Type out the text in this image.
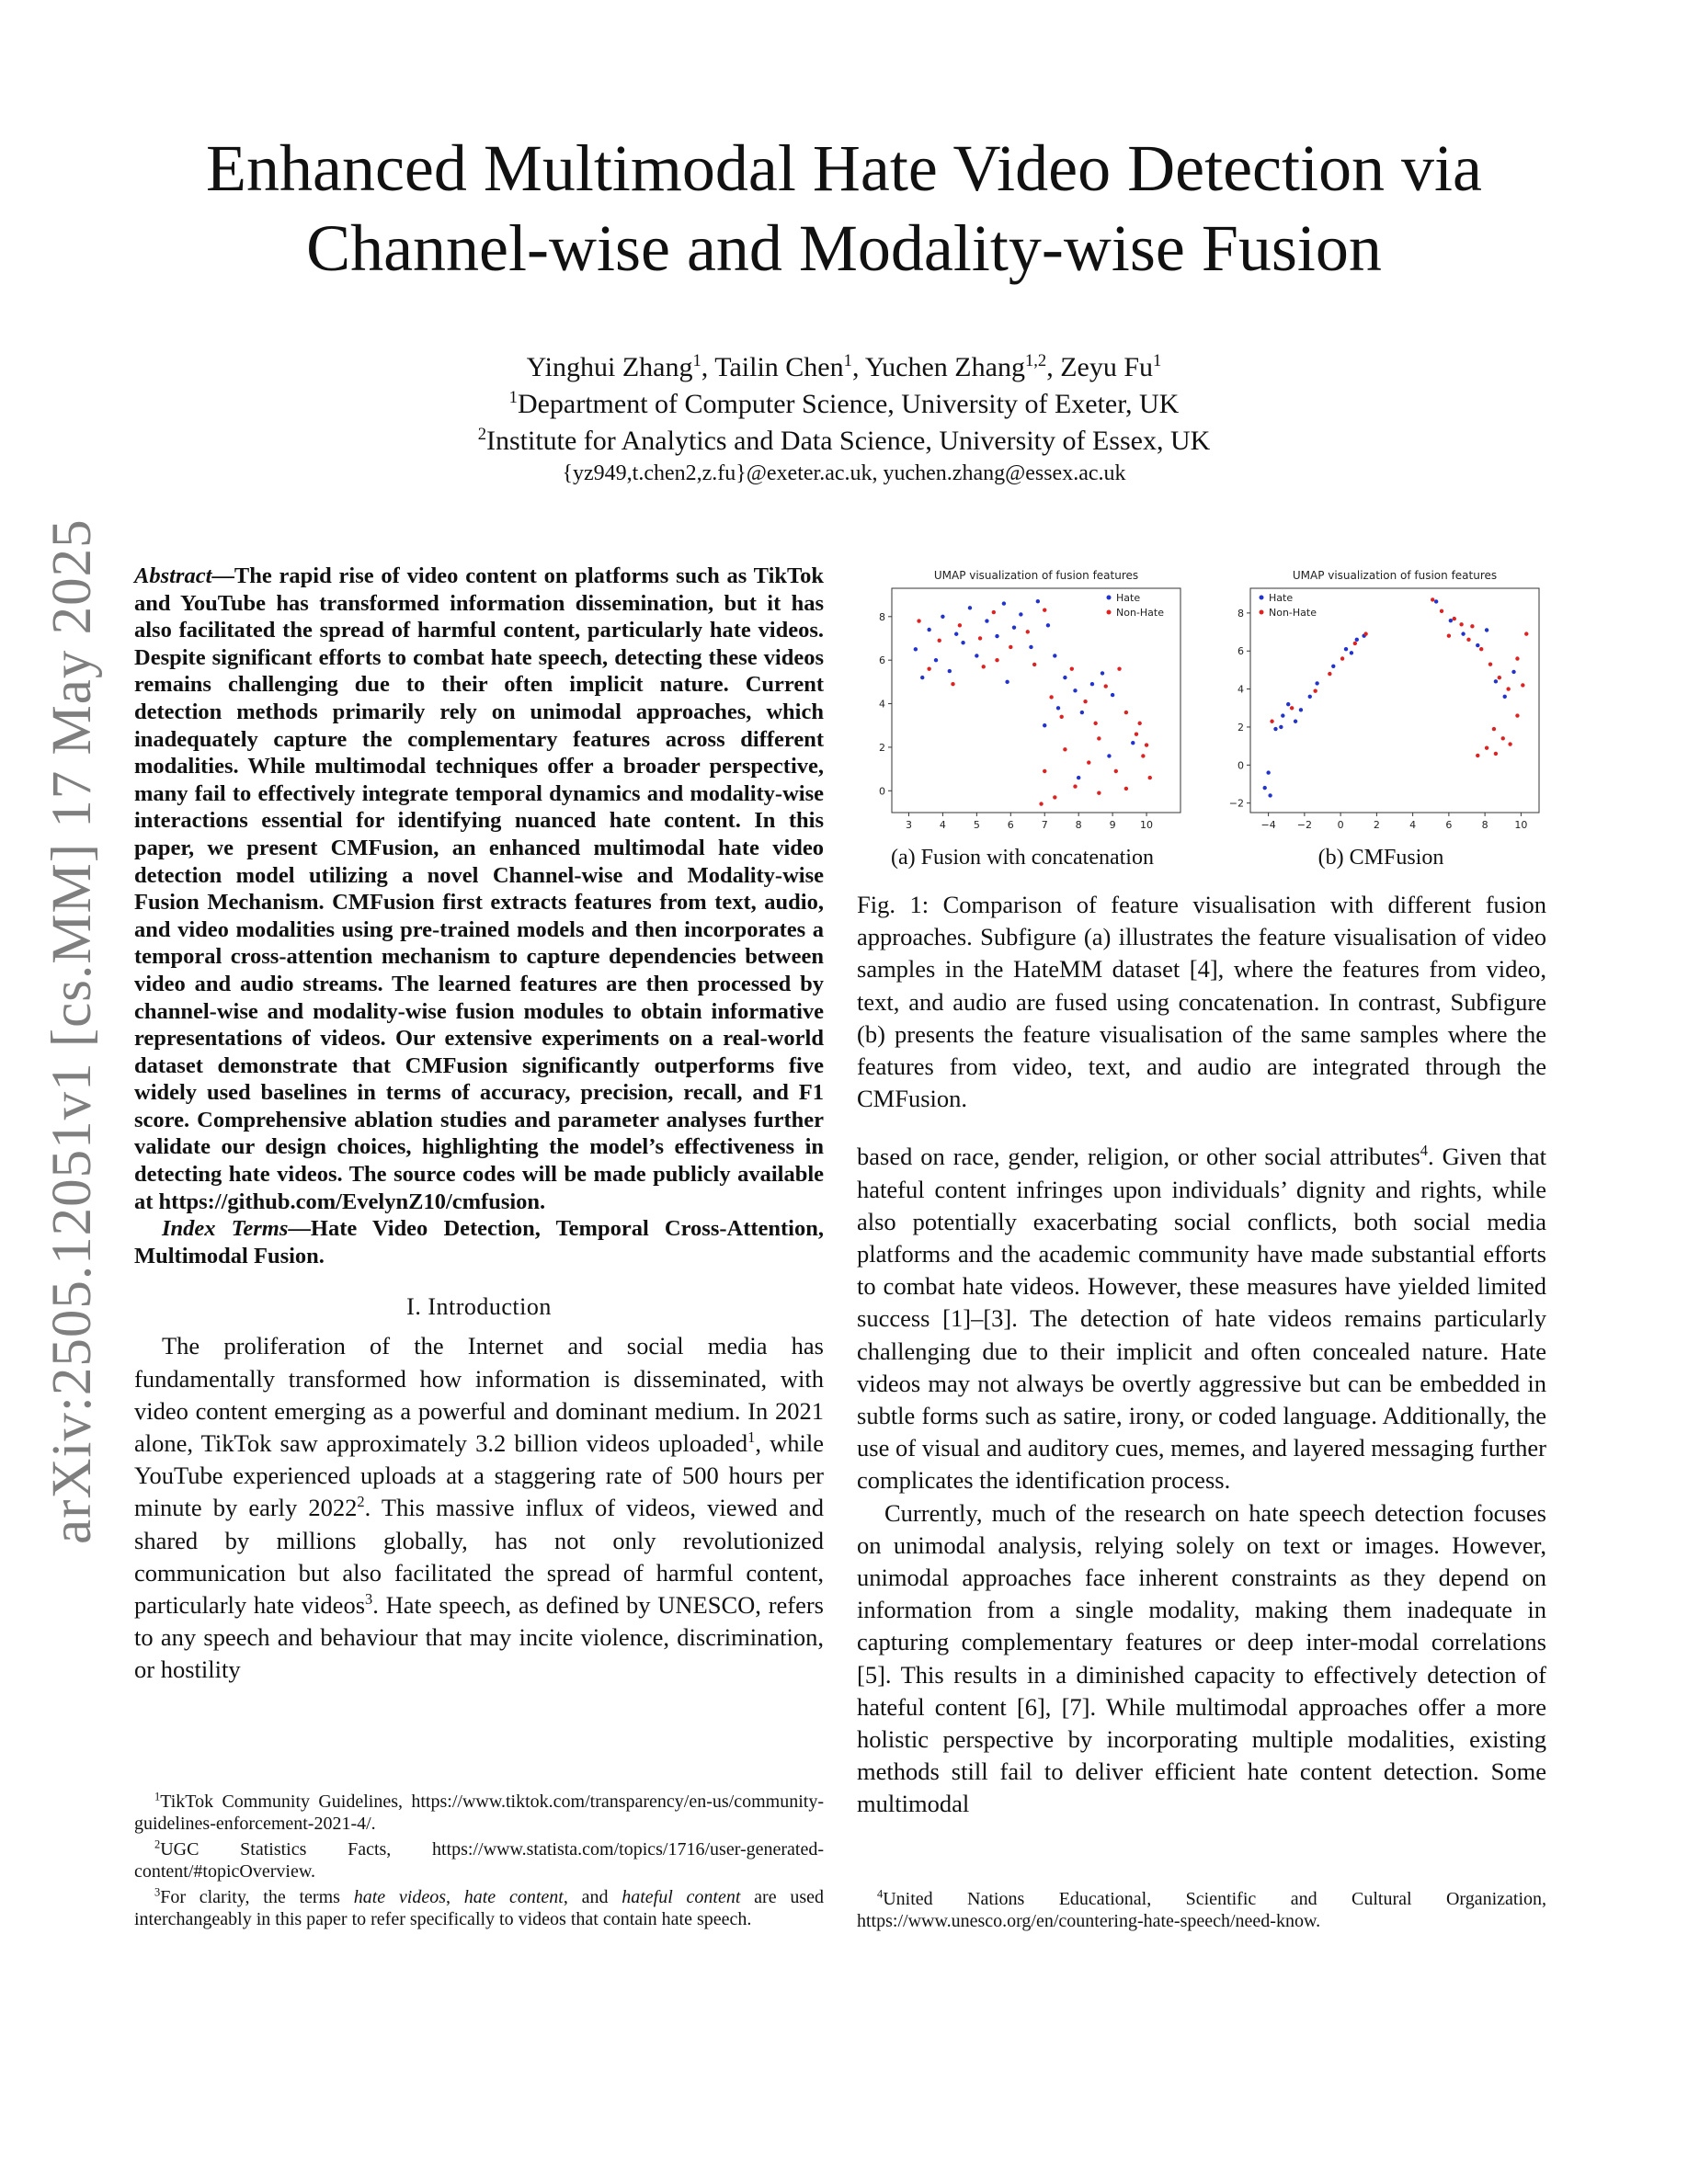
arXiv:2505.12051v1 [cs.MM] 17 May 2025
Enhanced Multimodal Hate Video Detection via
Channel-wise and Modality-wise Fusion
Yinghui Zhang$^1$, Tailin Chen$^1$, Yuchen Zhang$^{1,2}$, Zeyu Fu$^1$
$^1$Department of Computer Science, University of Exeter, UK
$^2$Institute for Analytics and Data Science, University of Essex, UK
{yz949,t.chen2,z.fu}@exeter.ac.uk, yuchen.zhang@essex.ac.uk

Abstract—The rapid rise of video content on platforms such as TikTok and YouTube has transformed information dissemination, but it has also facilitated the spread of harmful content, particularly hate videos. Despite significant efforts to combat hate speech, detecting these videos remains challenging due to their often implicit nature. Current detection methods primarily rely on unimodal approaches, which inadequately capture the complementary features across different modalities. While multimodal techniques offer a broader perspective, many fail to effectively integrate temporal dynamics and modality-wise interactions essential for identifying nuanced hate content. In this paper, we present CMFusion, an enhanced multimodal hate video detection model utilizing a novel Channel-wise and Modality-wise Fusion Mechanism. CMFusion first extracts features from text, audio, and video modalities using pre-trained models and then incorporates a temporal cross-attention mechanism to capture dependencies between video and audio streams. The learned features are then processed by channel-wise and modality-wise fusion modules to obtain informative representations of videos. Our extensive experiments on a real-world dataset demonstrate that CMFusion significantly outperforms five widely used baselines in terms of accuracy, precision, recall, and F1 score. Comprehensive ablation studies and parameter analyses further validate our design choices, highlighting the model’s effectiveness in detecting hate videos. The source codes will be made publicly available at https://github.com/EvelynZ10/cmfusion.

Index Terms—Hate Video Detection, Temporal Cross-Attention, Multimodal Fusion.

I. Introduction

The proliferation of the Internet and social media has fundamentally transformed how information is disseminated, with video content emerging as a powerful and dominant medium. In 2021 alone, TikTok saw approximately 3.2 billion videos uploaded$^1$, while YouTube experienced uploads at a staggering rate of 500 hours per minute by early 2022$^2$. This massive influx of videos, viewed and shared by millions globally, has not only revolutionized communication but also facilitated the spread of harmful content, particularly hate videos$^3$. Hate speech, as defined by UNESCO, refers to any speech and behaviour that may incite violence, discrimination, or hostility

$^1$TikTok Community Guidelines, https://www.tiktok.com/transparency/en-us/community-guidelines-enforcement-2021-4/.

$^2$UGC Statistics Facts, https://www.statista.com/topics/1716/user-generated-content/#topicOverview.

$^3$For clarity, the terms hate videos, hate content, and hateful content are used interchangeably in this paper to refer specifically to videos that contain hate speech.

UMAP visualization of fusion features
3	4	5	6	7	8	9 10
0
2
4
6
8
Hate
Non-Hate
(a) Fusion with concatenation
UMAP visualization of fusion features
−4 −2	0	2	4	6	8	10
−2
0
2
4
6
8
Hate
Non-Hate
(b) CMFusion

Fig. 1: Comparison of feature visualisation with different fusion approaches. Subfigure (a) illustrates the feature visualisation of video samples in the HateMM dataset [4], where the features from video, text, and audio are fused using concatenation. In contrast, Subfigure (b) presents the feature visualisation of the same samples where the features from video, text, and audio are integrated through the CMFusion.

based on race, gender, religion, or other social attributes$^4$. Given that hateful content infringes upon individuals’ dignity and rights, while also potentially exacerbating social conflicts, both social media platforms and the academic community have made substantial efforts to combat hate videos. However, these measures have yielded limited success [1]–[3]. The detection of hate videos remains particularly challenging due to their implicit and often concealed nature. Hate videos may not always be overtly aggressive but can be embedded in subtle forms such as satire, irony, or coded language. Additionally, the use of visual and auditory cues, memes, and layered messaging further complicates the identification process.

Currently, much of the research on hate speech detection focuses on unimodal analysis, relying solely on text or images. However, unimodal approaches face inherent constraints as they depend on information from a single modality, making them inadequate in capturing complementary features or deep inter-modal correlations [5]. This results in a diminished capacity to effectively detection of hateful content [6], [7]. While multimodal approaches offer a more holistic perspective by incorporating multiple modalities, existing methods still fail to deliver efficient hate content detection. Some multimodal

$^4$United Nations Educational, Scientific and Cultural Organization, https://www.unesco.org/en/countering-hate-speech/need-know.
